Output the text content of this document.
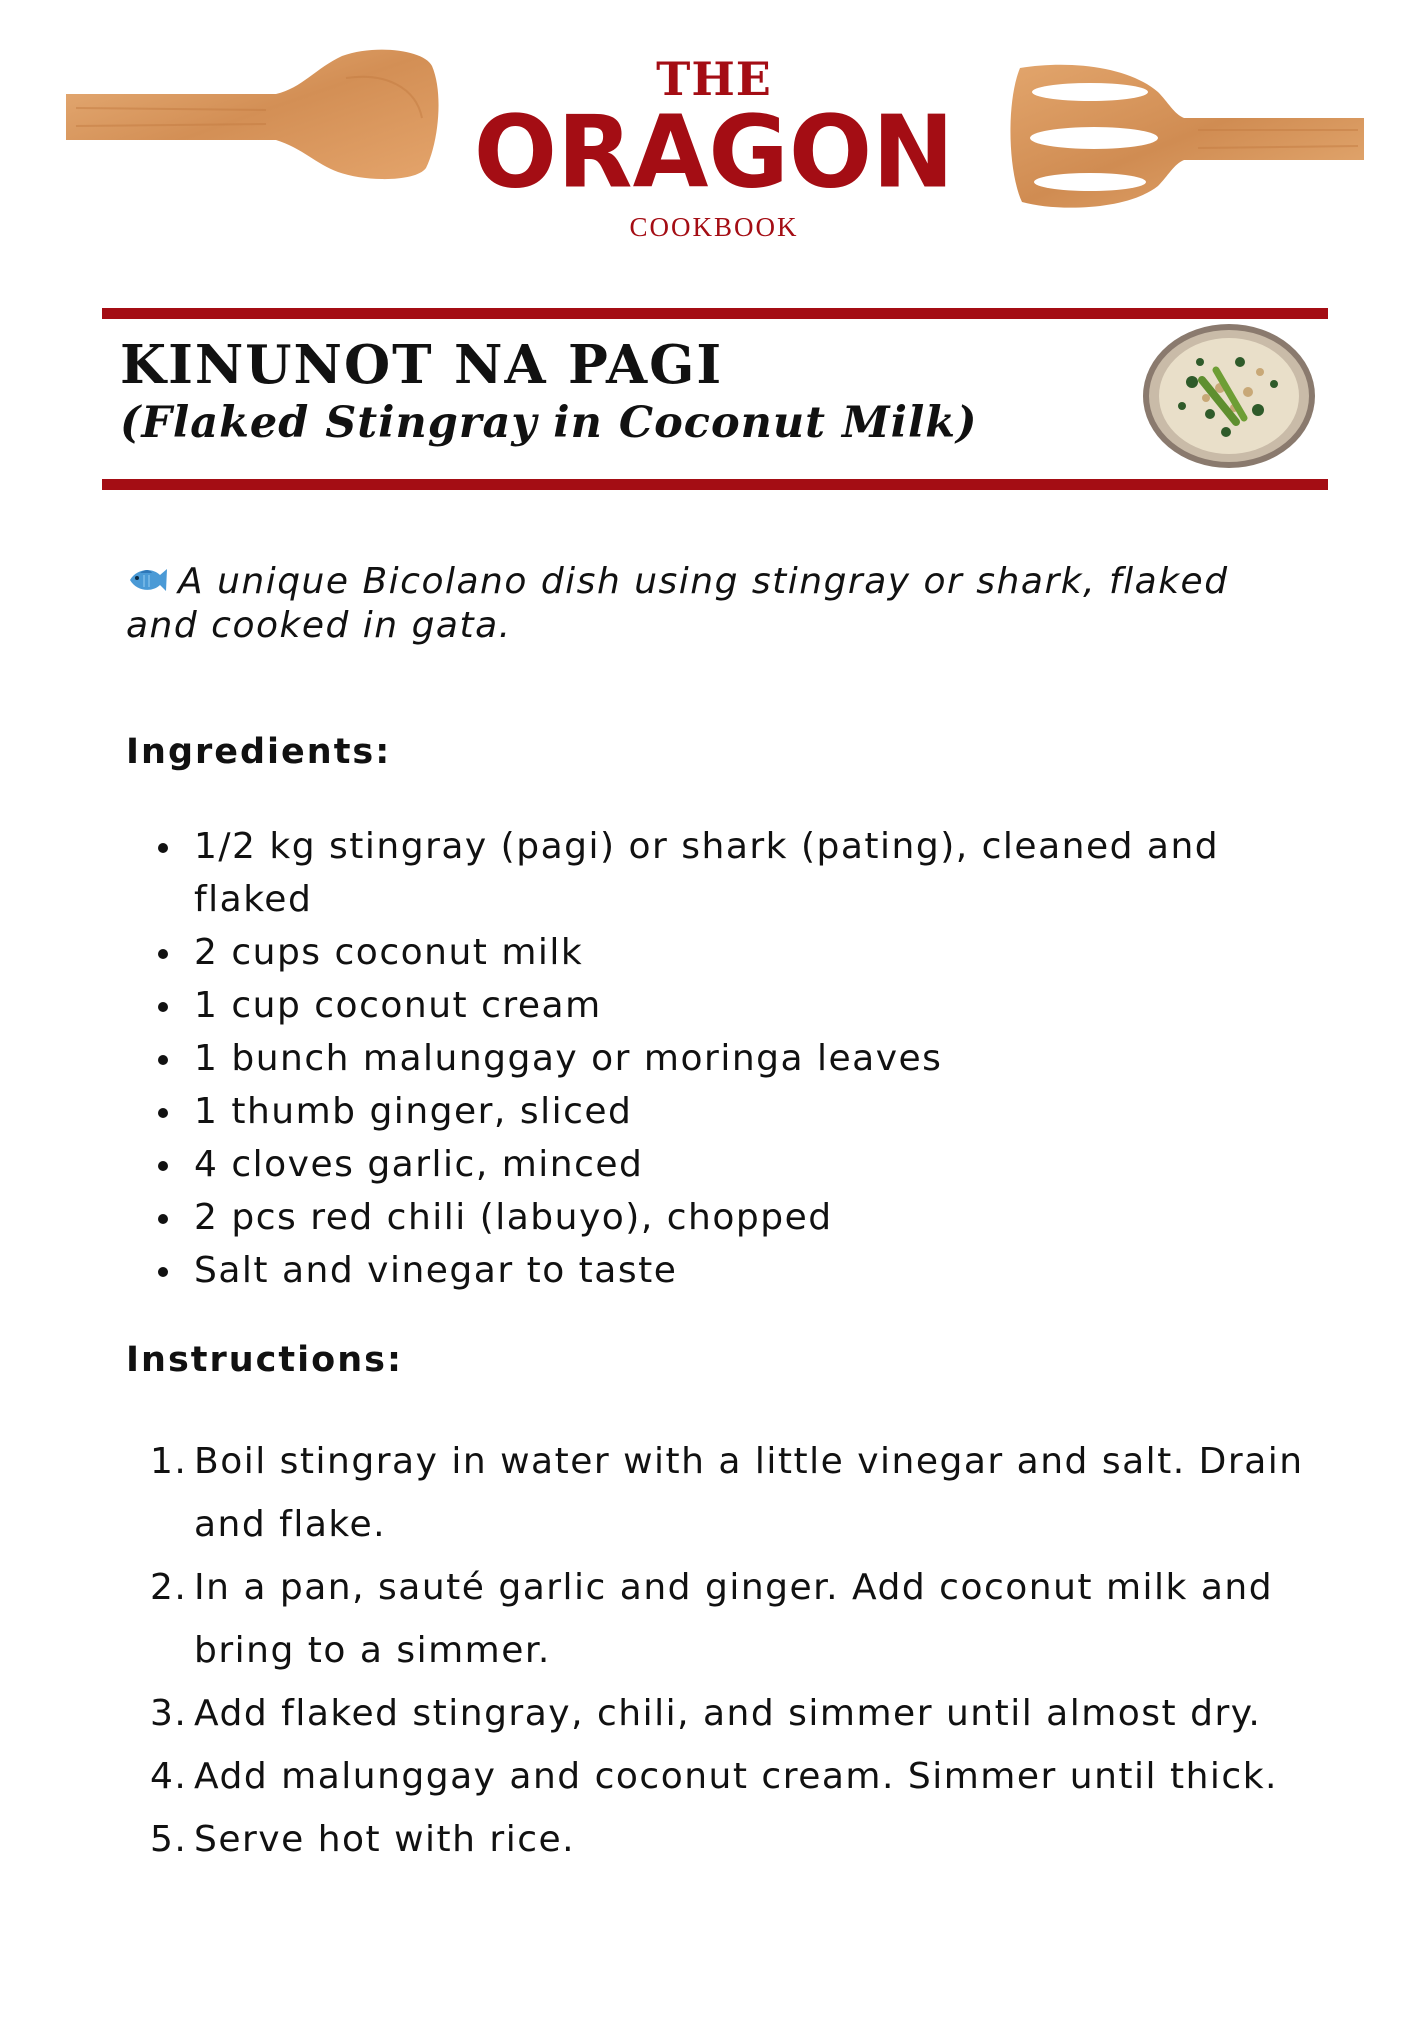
THE
ORAGON
COOKBOOK
KINUNOT NA PAGI
(Flaked Stingray in Coconut Milk)
A unique Bicolano dish using stingray or shark, flaked and cooked in gata.
Ingredients:
1/2 kg stingray (pagi) or shark (pating), cleaned and flaked
2 cups coconut milk
1 cup coconut cream
1 bunch malunggay or moringa leaves
1 thumb ginger, sliced
4 cloves garlic, minced
2 pcs red chili (labuyo), chopped
Salt and vinegar to taste
Instructions:
1. Boil stingray in water with a little vinegar and salt. Drain and flake.
2. In a pan, sauté garlic and ginger. Add coconut milk and bring to a simmer.
3. Add flaked stingray, chili, and simmer until almost dry.
4. Add malunggay and coconut cream. Simmer until thick.
5. Serve hot with rice.
